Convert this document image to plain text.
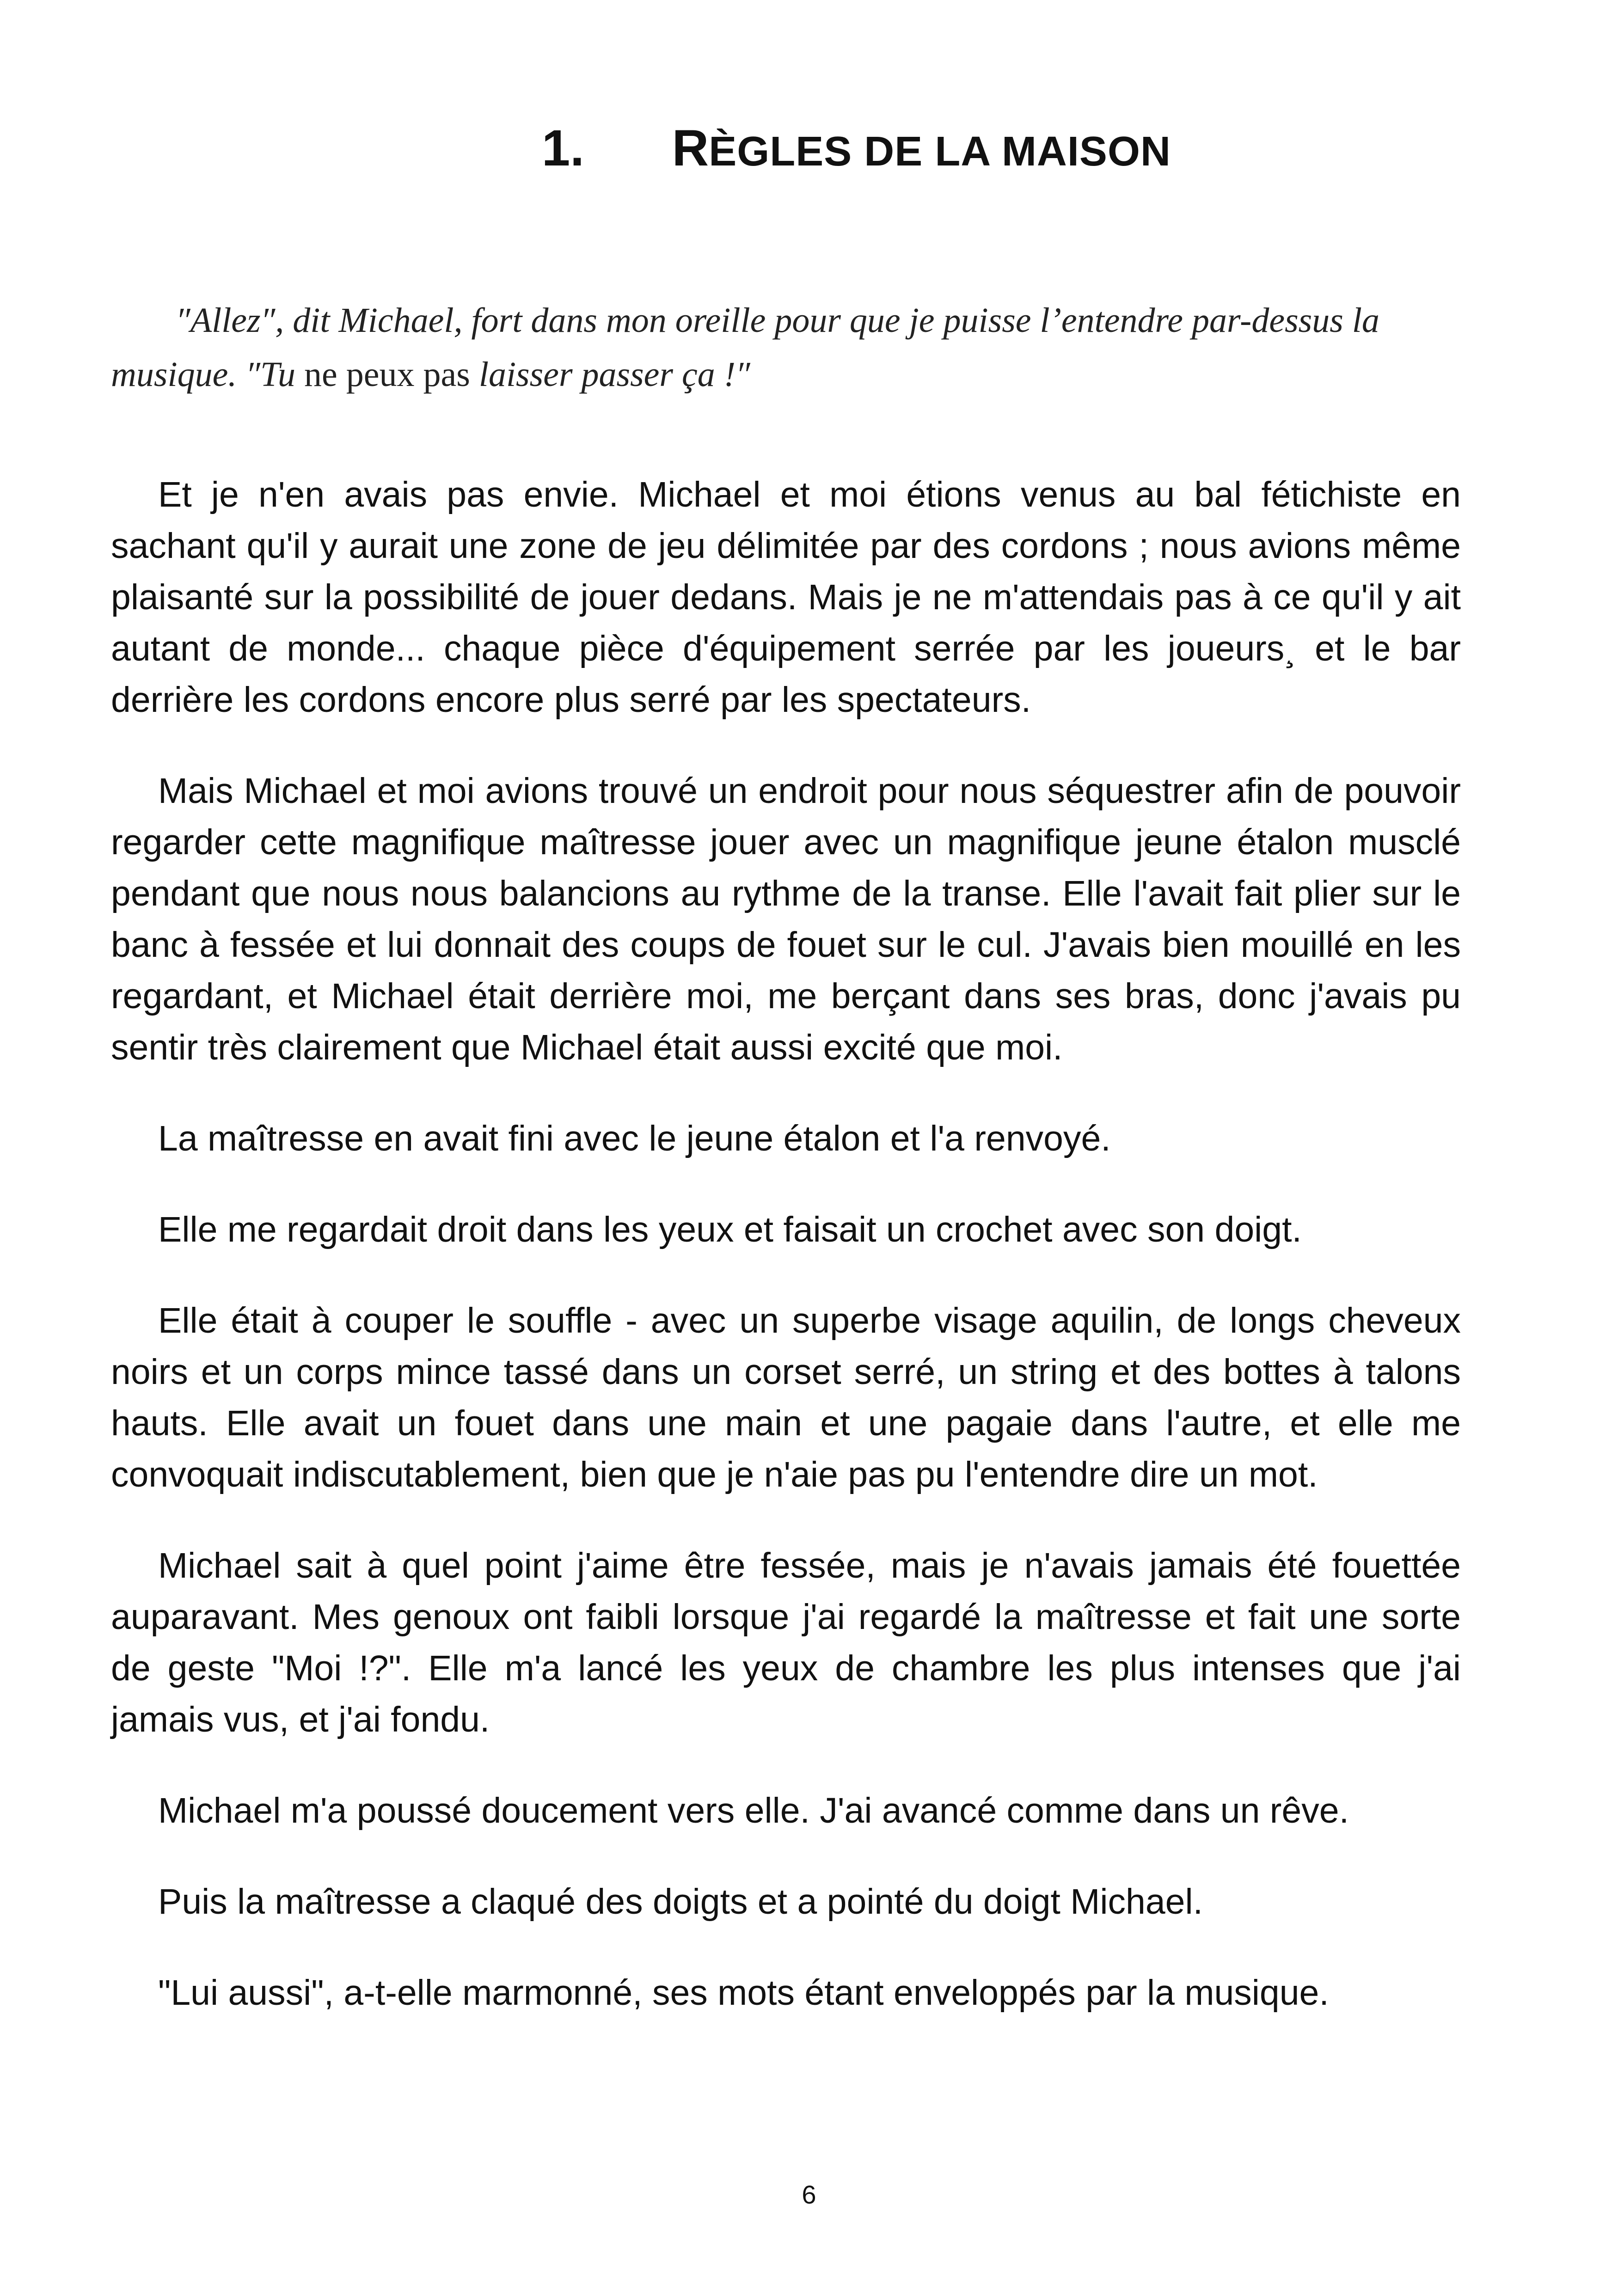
1. RÈGLES DE LA MAISON
″Allez″, dit Michael, fort dans mon oreille pour que je puisse l’entendre par-dessus la musique. ″Tu ne peux pas laisser passer ça !″

Et je n'en avais pas envie. Michael et moi étions venus au bal fétichiste en sachant qu'il y aurait une zone de jeu délimitée par des cordons ; nous avions même plaisanté sur la possibilité de jouer dedans. Mais je ne m'attendais pas à ce qu'il y ait autant de monde... chaque pièce d'équipement serrée par les joueurs¸ et le bar derrière les cordons encore plus serré par les spectateurs.

Mais Michael et moi avions trouvé un endroit pour nous séquestrer afin de pouvoir regarder cette magnifique maîtresse jouer avec un magnifique jeune étalon musclé pendant que nous nous balancions au rythme de la transe. Elle l'avait fait plier sur le banc à fessée et lui donnait des coups de fouet sur le cul. J'avais bien mouillé en les regardant, et Michael était derrière moi, me berçant dans ses bras, donc j'avais pu sentir très clairement que Michael était aussi excité que moi.

La maîtresse en avait fini avec le jeune étalon et l'a renvoyé.

Elle me regardait droit dans les yeux et faisait un crochet avec son doigt.

Elle était à couper le souffle - avec un superbe visage aquilin, de longs cheveux noirs et un corps mince tassé dans un corset serré, un string et des bottes à talons hauts. Elle avait un fouet dans une main et une pagaie dans l'autre, et elle me convoquait indiscutablement, bien que je n'aie pas pu l'entendre dire un mot.

Michael sait à quel point j'aime être fessée, mais je n'avais jamais été fouettée auparavant. Mes genoux ont faibli lorsque j'ai regardé la maîtresse et fait une sorte de geste "Moi !?". Elle m'a lancé les yeux de chambre les plus intenses que j'ai jamais vus, et j'ai fondu.

Michael m'a poussé doucement vers elle. J'ai avancé comme dans un rêve.

Puis la maîtresse a claqué des doigts et a pointé du doigt Michael.

"Lui aussi", a-t-elle marmonné, ses mots étant enveloppés par la musique.

6
